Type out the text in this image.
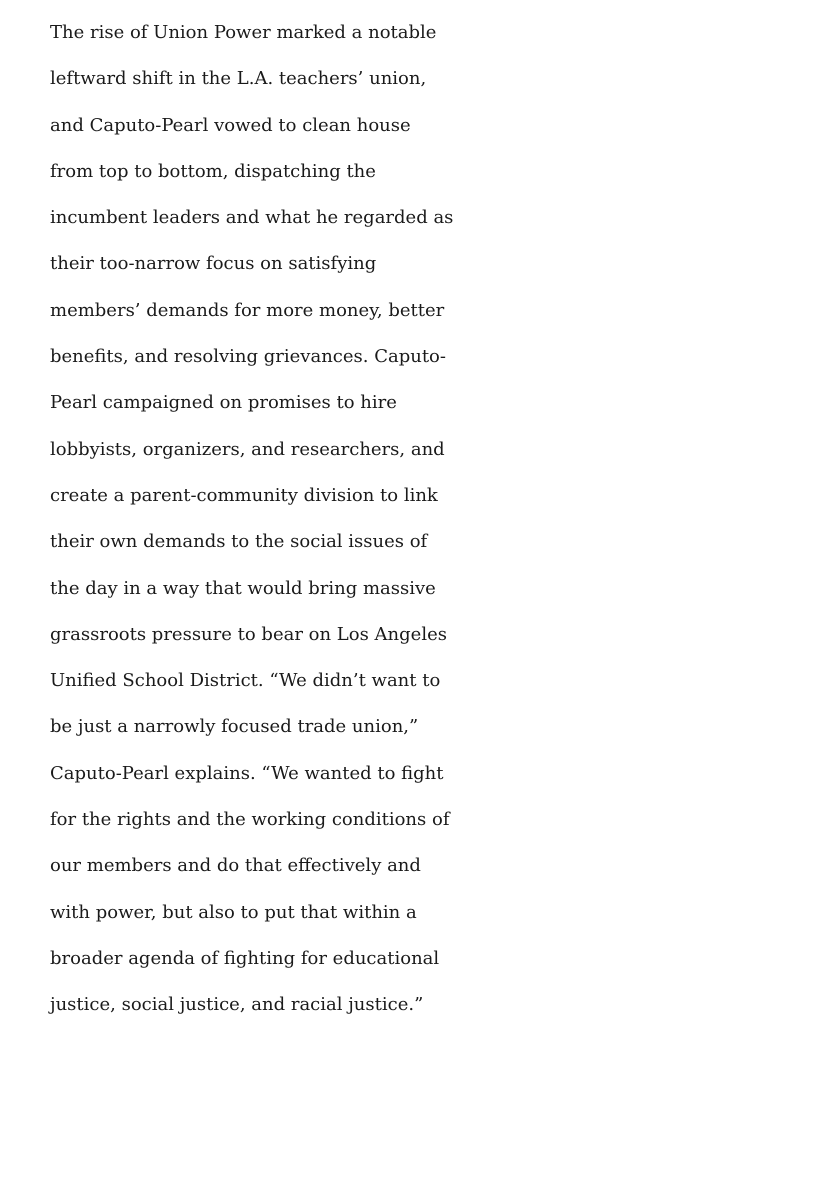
The rise of Union Power marked a notable
leftward shift in the L.A. teachers’ union,
and Caputo-Pearl vowed to clean house
from top to bottom, dispatching the
incumbent leaders and what he regarded as
their too-narrow focus on satisfying
members’ demands for more money, better
benefits, and resolving grievances. Caputo-
Pearl campaigned on promises to hire
lobbyists, organizers, and researchers, and
create a parent-community division to link
their own demands to the social issues of
the day in a way that would bring massive
grassroots pressure to bear on Los Angeles
Unified School District. “We didn’t want to
be just a narrowly focused trade union,”
Caputo-Pearl explains. “We wanted to fight
for the rights and the working conditions of
our members and do that effectively and
with power, but also to put that within a
broader agenda of fighting for educational
justice, social justice, and racial justice.”
